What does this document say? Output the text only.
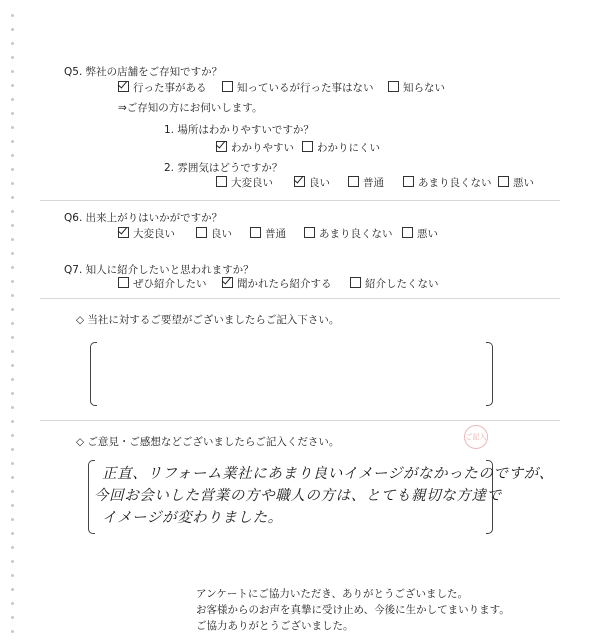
Q5. 弊社の店舗をご存知ですか？
行った事がある	知っているが行った事はない	知らない
⇒ご存知の方にお伺いします。
1. 場所はわかりやすいですか？
わかりやすい	わかりにくい
2. 雰囲気はどうですか？
大変良い	良い	普通	あまり良くない	悪い
Q6. 出来上がりはいかがですか？
大変良い	良い	普通	あまり良くない	悪い
Q7. 知人に紹介したいと思われますか？
ぜひ紹介したい	聞かれたら紹介する	紹介したくない
◇ 当社に対するご要望がございましたらご記入下さい。
◇ ご意見・ご感想などございましたらご記入ください。	ご記入
正直、リフォーム業社にあまり良いイメージがなかったのですが、
今回お会いした営業の方や職人の方は、とても親切な方達で
イメージが変わりました。
アンケートにご協力いただき、ありがとうございました。
お客様からのお声を真摯に受け止め、今後に生かしてまいります。
ご協力ありがとうございました。
